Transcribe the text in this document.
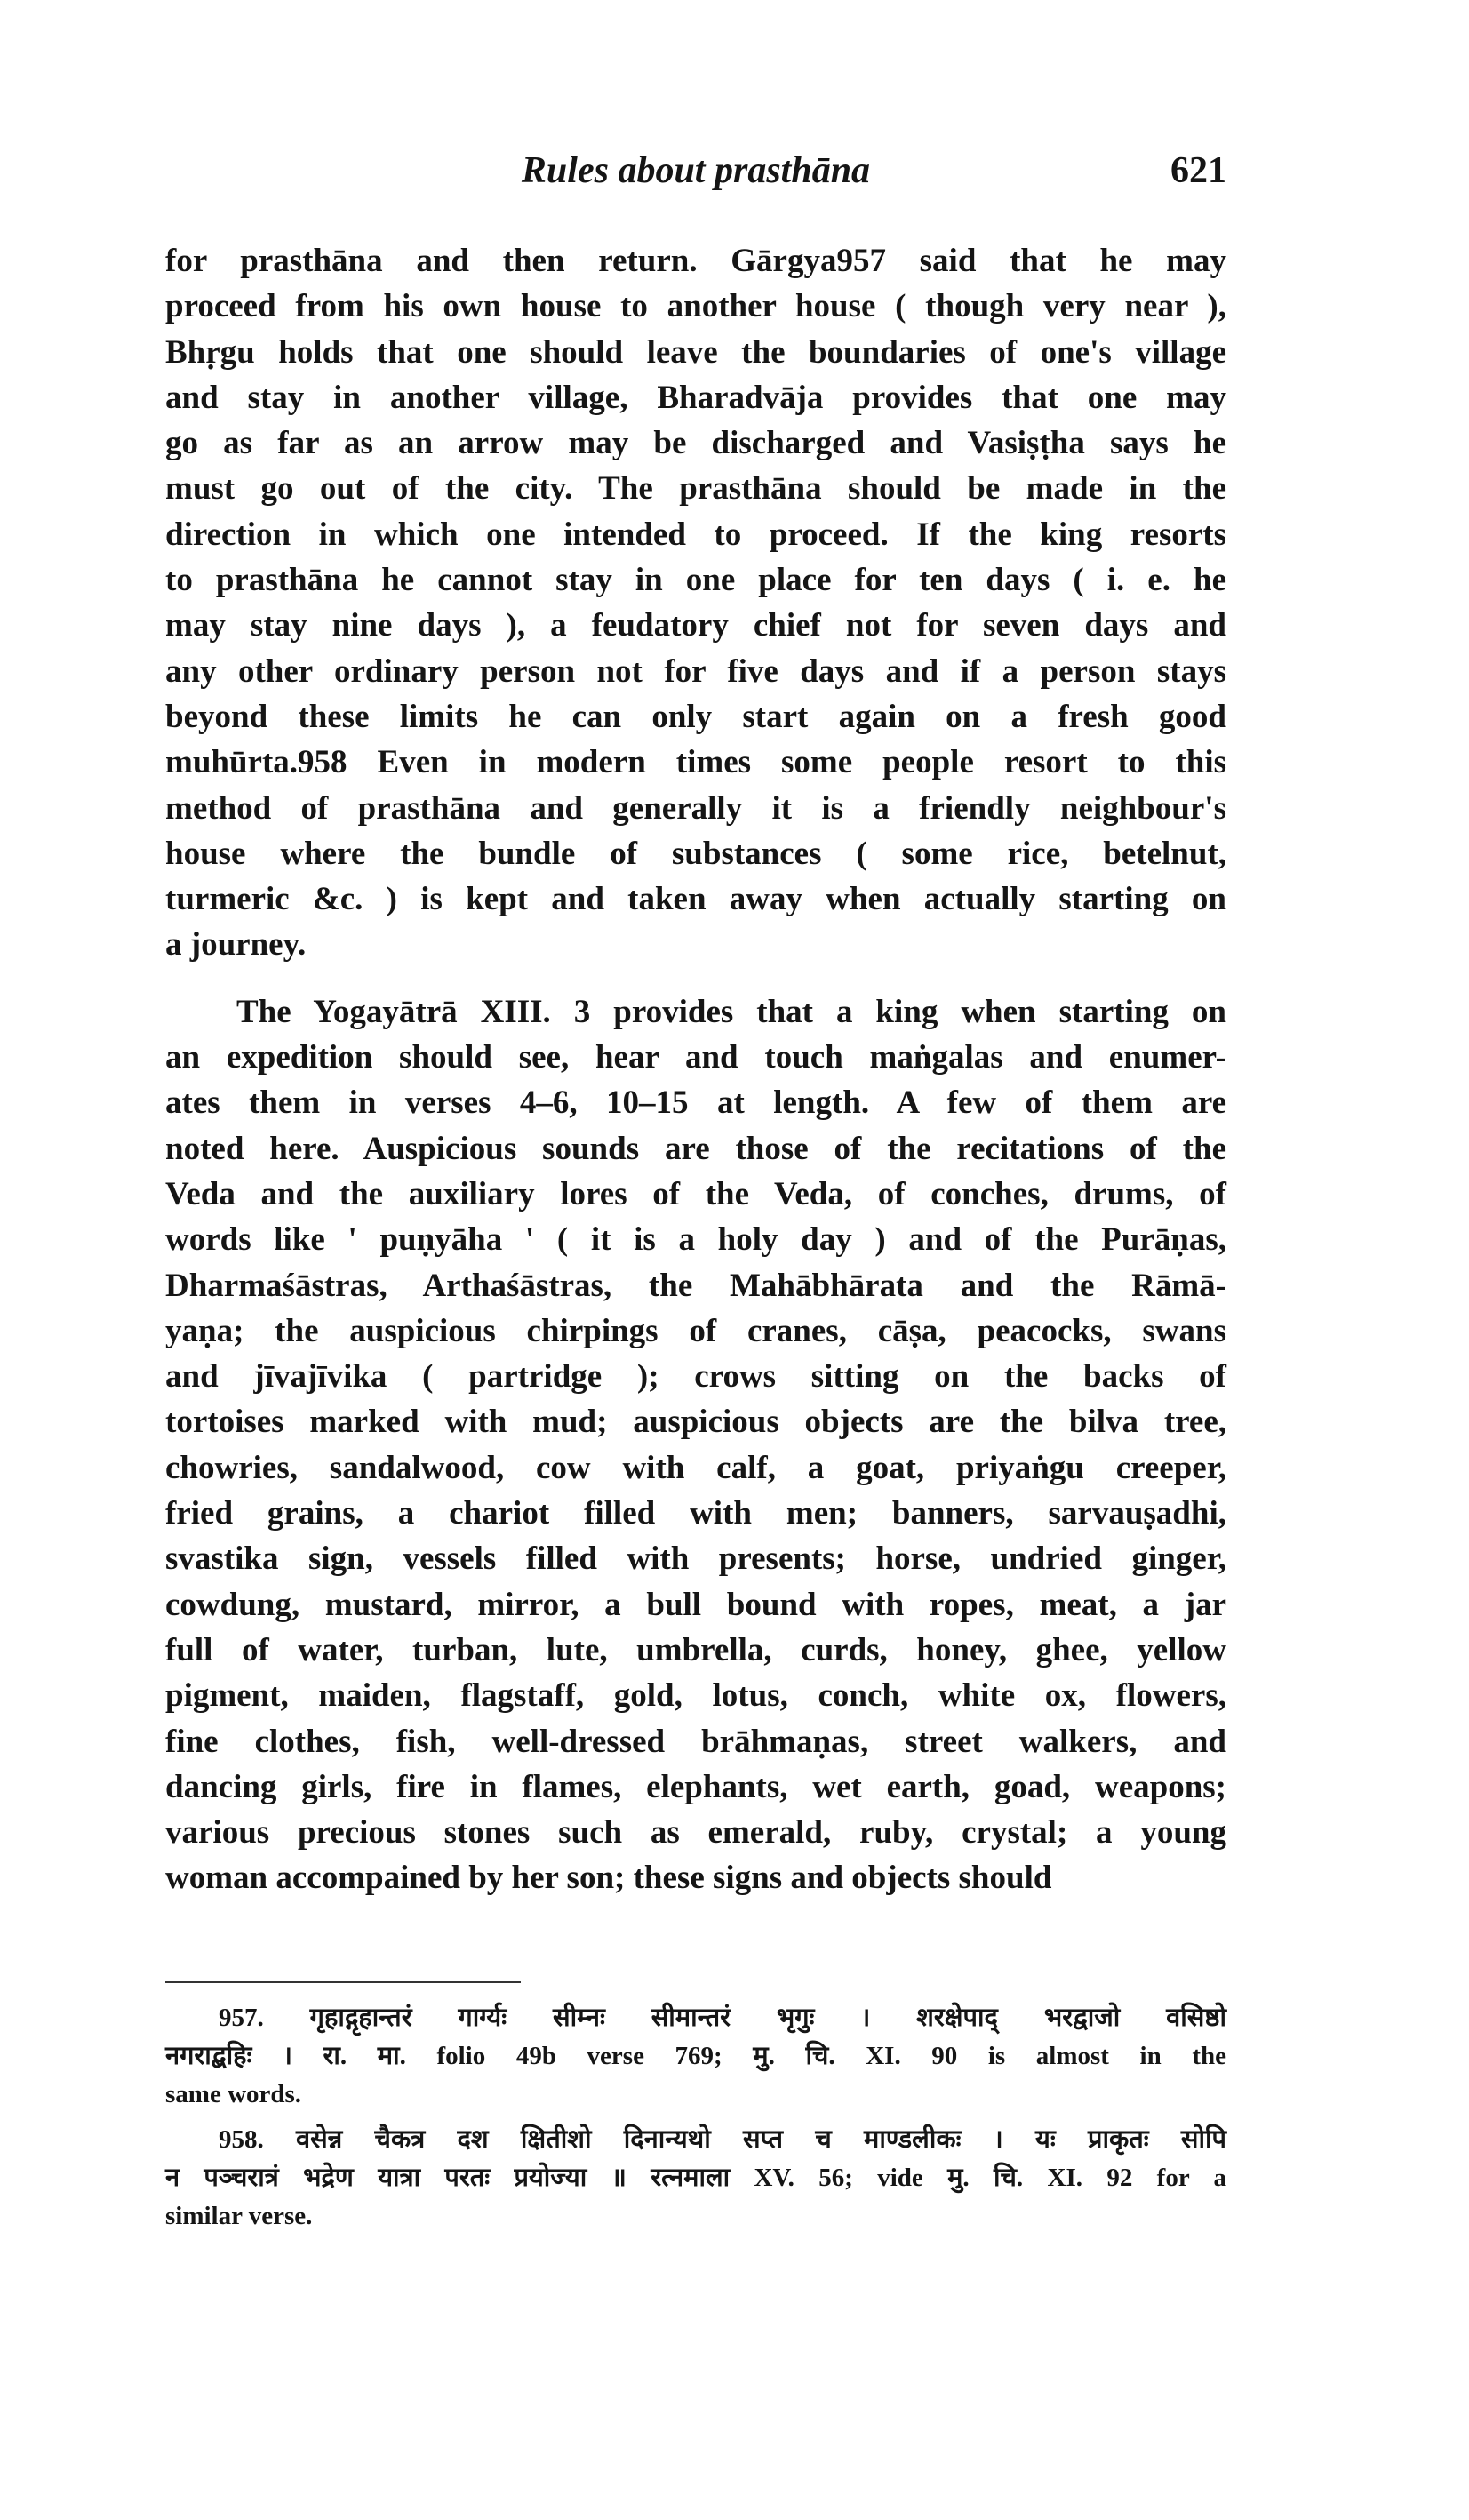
Rules about prasthāna	621
for prasthāna and then return. Gārgya957 said that he may
proceed from his own house to another house ( though very near ),
Bhṛgu holds that one should leave the boundaries of one's village
and stay in another village, Bharadvāja provides that one may
go as far as an arrow may be discharged and Vasiṣṭha says he
must go out of the city. The prasthāna should be made in the
direction in which one intended to proceed. If the king resorts
to prasthāna he cannot stay in one place for ten days ( i. e. he
may stay nine days ), a feudatory chief not for seven days and
any other ordinary person not for five days and if a person stays
beyond these limits he can only start again on a fresh good
muhūrta.958 Even in modern times some people resort to this
method of prasthāna and generally it is a friendly neighbour's
house where the bundle of substances ( some rice, betelnut,
turmeric &c. ) is kept and taken away when actually starting on
a journey.
The Yogayātrā XIII. 3 provides that a king when starting on
an expedition should see, hear and touch maṅgalas and enumer-
ates them in verses 4–6, 10–15 at length. A few of them are
noted here. Auspicious sounds are those of the recitations of the
Veda and the auxiliary lores of the Veda, of conches, drums, of
words like ' puṇyāha ' ( it is a holy day ) and of the Purāṇas,
Dharmaśāstras, Arthaśāstras, the Mahābhārata and the Rāmā-
yaṇa; the auspicious chirpings of cranes, cāṣa, peacocks, swans
and jīvajīvika ( partridge ); crows sitting on the backs of
tortoises marked with mud; auspicious objects are the bilva tree,
chowries, sandalwood, cow with calf, a goat, priyaṅgu creeper,
fried grains, a chariot filled with men; banners, sarvauṣadhi,
svastika sign, vessels filled with presents; horse, undried ginger,
cowdung, mustard, mirror, a bull bound with ropes, meat, a jar
full of water, turban, lute, umbrella, curds, honey, ghee, yellow
pigment, maiden, flagstaff, gold, lotus, conch, white ox, flowers,
fine clothes, fish, well-dressed brāhmaṇas, street walkers, and
dancing girls, fire in flames, elephants, wet earth, goad, weapons;
various precious stones such as emerald, ruby, crystal; a young
woman accompained by her son; these signs and objects should
957. गृहाद्गृहान्तरं गार्ग्यः सीम्नः सीमान्तरं भृगुः । शरक्षेपाद् भरद्वाजो वसिष्ठो
नगराद्बहिः । रा. मा. folio 49b verse 769; मु. चि. XI. 90 is almost in the
same words.
958. वसेन्न चैकत्र दश क्षितीशो दिनान्यथो सप्त च माण्डलीकः । यः प्राकृतः सोपि
न पञ्चरात्रं भद्रेण यात्रा परतः प्रयोज्या ॥ रत्नमाला XV. 56; vide मु. चि. XI. 92 for a
similar verse.
